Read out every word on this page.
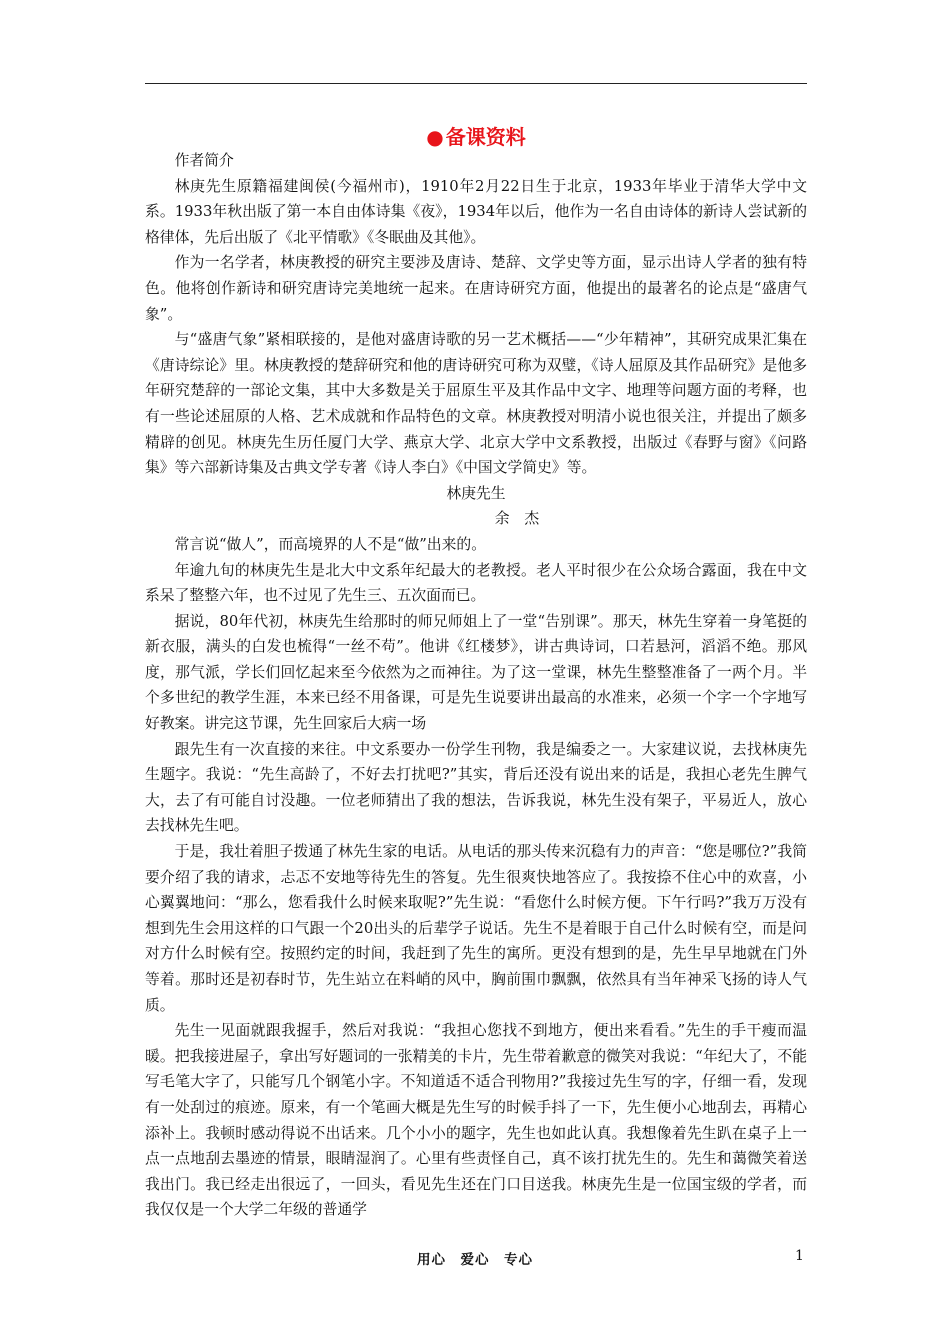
● 备课资料

作者简介

林庚先生原籍福建闽侯(今福州市)，1910年2月22日生于北京，1933年毕业于清华大学中文系。1933年秋出版了第一本自由体诗集《夜》，1934年以后，他作为一名自由诗体的新诗人尝试新的格律体，先后出版了《北平情歌》《冬眠曲及其他》。

作为一名学者，林庚教授的研究主要涉及唐诗、楚辞、文学史等方面，显示出诗人学者的独有特色。他将创作新诗和研究唐诗完美地统一起来。在唐诗研究方面，他提出的最著名的论点是“盛唐气象”。

与“盛唐气象”紧相联接的，是他对盛唐诗歌的另一艺术概括——“少年精神”，其研究成果汇集在《唐诗综论》里。林庚教授的楚辞研究和他的唐诗研究可称为双璧，《诗人屈原及其作品研究》是他多年研究楚辞的一部论文集，其中大多数是关于屈原生平及其作品中文字、地理等问题方面的考释，也有一些论述屈原的人格、艺术成就和作品特色的文章。林庚教授对明清小说也很关注，并提出了颇多精辟的创见。林庚先生历任厦门大学、燕京大学、北京大学中文系教授，出版过《春野与窗》《问路集》等六部新诗集及古典文学专著《诗人李白》《中国文学简史》等。

林庚先生

余　杰

常言说“做人”，而高境界的人不是“做”出来的。

年逾九旬的林庚先生是北大中文系年纪最大的老教授。老人平时很少在公众场合露面，我在中文系呆了整整六年，也不过见了先生三、五次面而已。

据说，80年代初，林庚先生给那时的师兄师姐上了一堂“告别课”。那天，林先生穿着一身笔挺的新衣服，满头的白发也梳得“一丝不苟”。他讲《红楼梦》，讲古典诗词，口若悬河，滔滔不绝。那风度，那气派，学长们回忆起来至今依然为之而神往。为了这一堂课，林先生整整准备了一两个月。半个多世纪的教学生涯，本来已经不用备课，可是先生说要讲出最高的水准来，必须一个字一个字地写好教案。讲完这节课，先生回家后大病一场

跟先生有一次直接的来往。中文系要办一份学生刊物，我是编委之一。大家建议说，去找林庚先生题字。我说：“先生高龄了，不好去打扰吧?”其实，背后还没有说出来的话是，我担心老先生脾气大，去了有可能自讨没趣。一位老师猜出了我的想法，告诉我说，林先生没有架子，平易近人，放心去找林先生吧。

于是，我壮着胆子拨通了林先生家的电话。从电话的那头传来沉稳有力的声音：“您是哪位?”我简要介绍了我的请求，忐忑不安地等待先生的答复。先生很爽快地答应了。我按捺不住心中的欢喜，小心翼翼地问：“那么，您看我什么时候来取呢?”先生说：“看您什么时候方便。下午行吗?”我万万没有想到先生会用这样的口气跟一个20出头的后辈学子说话。先生不是着眼于自己什么时候有空，而是问对方什么时候有空。按照约定的时间，我赶到了先生的寓所。更没有想到的是，先生早早地就在门外等着。那时还是初春时节，先生站立在料峭的风中，胸前围巾飘飘，依然具有当年神采飞扬的诗人气质。

先生一见面就跟我握手，然后对我说：“我担心您找不到地方，便出来看看。”先生的手干瘦而温暖。把我接进屋子，拿出写好题词的一张精美的卡片，先生带着歉意的微笑对我说：“年纪大了，不能写毛笔大字了，只能写几个钢笔小字。不知道适不适合刊物用?”我接过先生写的字，仔细一看，发现有一处刮过的痕迹。原来，有一个笔画大概是先生写的时候手抖了一下，先生便小心地刮去，再精心添补上。我顿时感动得说不出话来。几个小小的题字，先生也如此认真。我想像着先生趴在桌子上一点一点地刮去墨迹的情景，眼睛湿润了。心里有些责怪自己，真不该打扰先生的。先生和蔼微笑着送我出门。我已经走出很远了，一回头，看见先生还在门口目送我。林庚先生是一位国宝级的学者，而我仅仅是一个大学二年级的普通学

用心　爱心　专心	1
